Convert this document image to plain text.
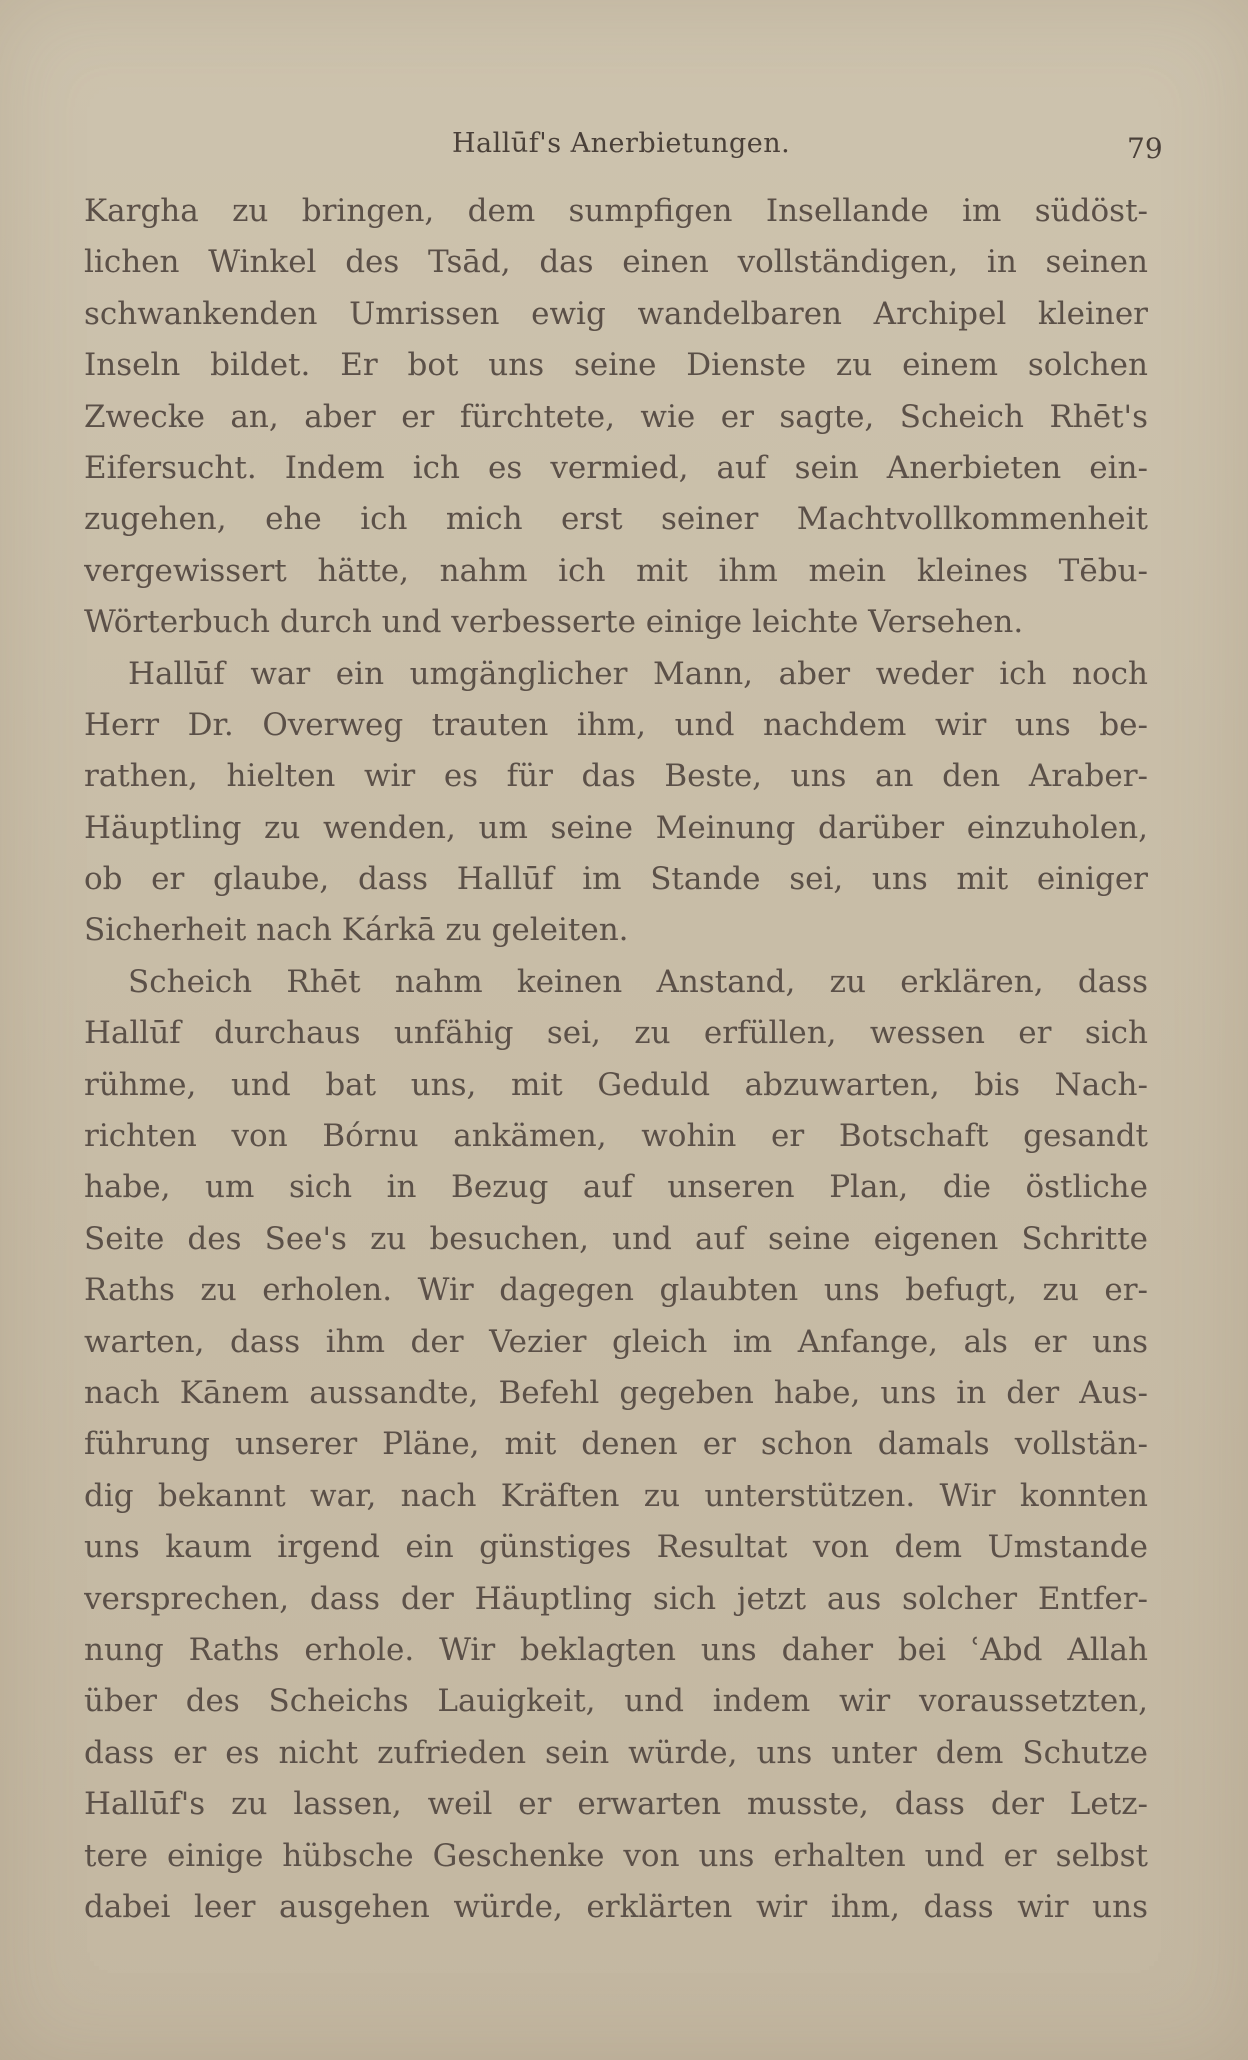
Hallūf's Anerbietungen.	79
Kargha zu bringen, dem sumpfigen Insellande im südöst-
lichen Winkel des Tsād, das einen vollständigen, in seinen
schwankenden Umrissen ewig wandelbaren Archipel kleiner
Inseln bildet. Er bot uns seine Dienste zu einem solchen
Zwecke an, aber er fürchtete, wie er sagte, Scheich Rhēt's
Eifersucht. Indem ich es vermied, auf sein Anerbieten ein-
zugehen, ehe ich mich erst seiner Machtvollkommenheit
vergewissert hätte, nahm ich mit ihm mein kleines Tēbu-
Wörterbuch durch und verbesserte einige leichte Versehen.
Hallūf war ein umgänglicher Mann, aber weder ich noch
Herr Dr. Overweg trauten ihm, und nachdem wir uns be-
rathen, hielten wir es für das Beste, uns an den Araber-
Häuptling zu wenden, um seine Meinung darüber einzuholen,
ob er glaube, dass Hallūf im Stande sei, uns mit einiger
Sicherheit nach Kárkā zu geleiten.
Scheich Rhēt nahm keinen Anstand, zu erklären, dass
Hallūf durchaus unfähig sei, zu erfüllen, wessen er sich
rühme, und bat uns, mit Geduld abzuwarten, bis Nach-
richten von Bórnu ankämen, wohin er Botschaft gesandt
habe, um sich in Bezug auf unseren Plan, die östliche
Seite des See's zu besuchen, und auf seine eigenen Schritte
Raths zu erholen. Wir dagegen glaubten uns befugt, zu er-
warten, dass ihm der Vezier gleich im Anfange, als er uns
nach Kānem aussandte, Befehl gegeben habe, uns in der Aus-
führung unserer Pläne, mit denen er schon damals vollstän-
dig bekannt war, nach Kräften zu unterstützen. Wir konnten
uns kaum irgend ein günstiges Resultat von dem Umstande
versprechen, dass der Häuptling sich jetzt aus solcher Entfer-
nung Raths erhole. Wir beklagten uns daher bei ʿAbd Allah
über des Scheichs Lauigkeit, und indem wir voraussetzten,
dass er es nicht zufrieden sein würde, uns unter dem Schutze
Hallūf's zu lassen, weil er erwarten musste, dass der Letz-
tere einige hübsche Geschenke von uns erhalten und er selbst
dabei leer ausgehen würde, erklärten wir ihm, dass wir uns
